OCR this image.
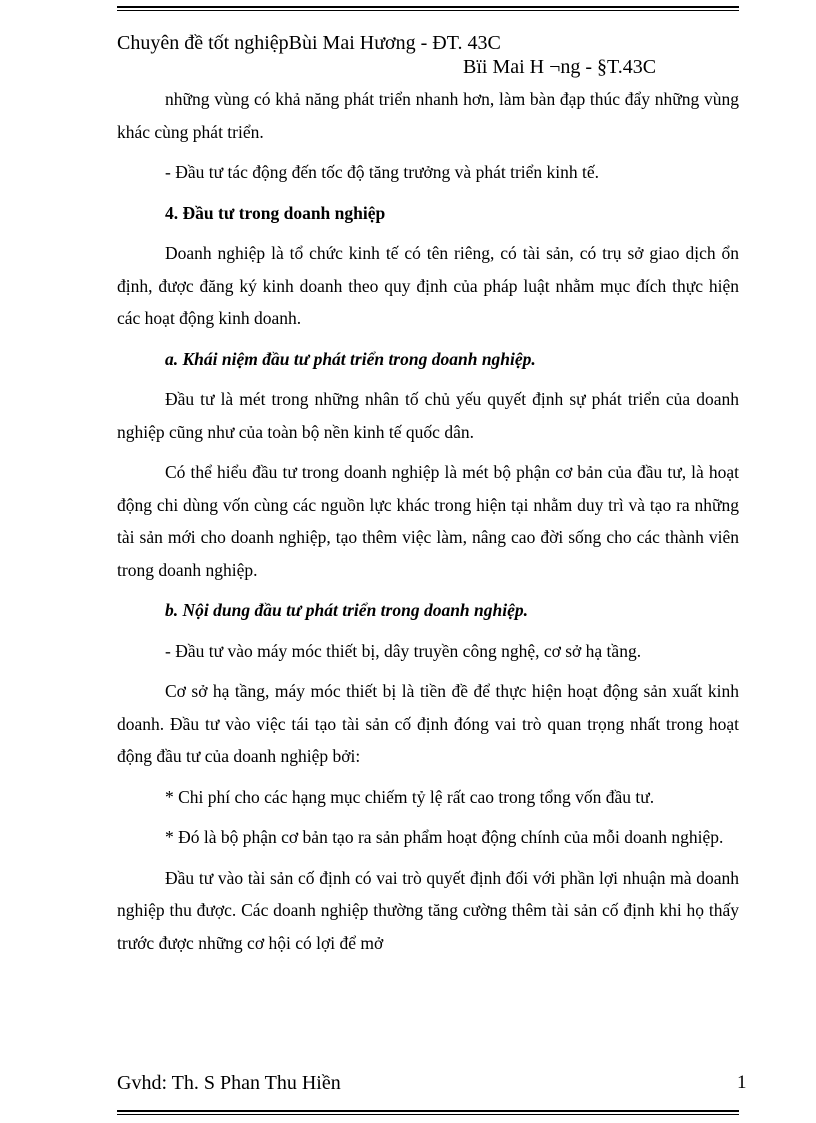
Chuyên đề tốt nghiệpBùi Mai Hương - ĐT. 43C
Bïi Mai H ¬ng - §T.43C

những vùng có khả năng phát triển nhanh hơn, làm bàn đạp thúc đẩy những vùng khác cùng phát triển.

- Đầu tư tác động đến tốc độ tăng trưởng và phát triển kinh tế.

4. Đầu tư trong doanh nghiệp

Doanh nghiệp là tổ chức kinh tế có tên riêng, có tài sản, có trụ sở giao dịch ổn định, được đăng ký kinh doanh theo quy định của pháp luật nhằm mục đích thực hiện các hoạt động kinh doanh.

a. Khái niệm đầu tư phát triển trong doanh nghiệp.

Đầu tư là mét trong những nhân tố chủ yếu quyết định sự phát triển của doanh nghiệp cũng như của toàn bộ nền kinh tế quốc dân.

Có thể hiểu đầu tư trong doanh nghiệp là mét bộ phận cơ bản của đầu tư, là hoạt động chi dùng vốn cùng các nguồn lực khác trong hiện tại nhằm duy trì và tạo ra những tài sản mới cho doanh nghiệp, tạo thêm việc làm, nâng cao đời sống cho các thành viên trong doanh nghiệp.

b. Nội dung đầu tư phát triển trong doanh nghiệp.

- Đầu tư vào máy móc thiết bị, dây truyền công nghệ, cơ sở hạ tầng.

Cơ sở hạ tầng, máy móc thiết bị là tiền đề để thực hiện hoạt động sản xuất kinh doanh. Đầu tư vào việc tái tạo tài sản cố định đóng vai trò quan trọng nhất trong hoạt động đầu tư của doanh nghiệp bởi:

* Chi phí cho các hạng mục chiếm tỷ lệ rất cao trong tổng vốn đầu tư.

* Đó là bộ phận cơ bản tạo ra sản phẩm hoạt động chính của mỗi doanh nghiệp.

Đầu tư vào tài sản cố định có vai trò quyết định đối với phần lợi nhuận mà doanh nghiệp thu được. Các doanh nghiệp thường tăng cường thêm tài sản cố định khi họ thấy trước được những cơ hội có lợi để mở

Gvhd: Th. S Phan Thu Hiền	1
